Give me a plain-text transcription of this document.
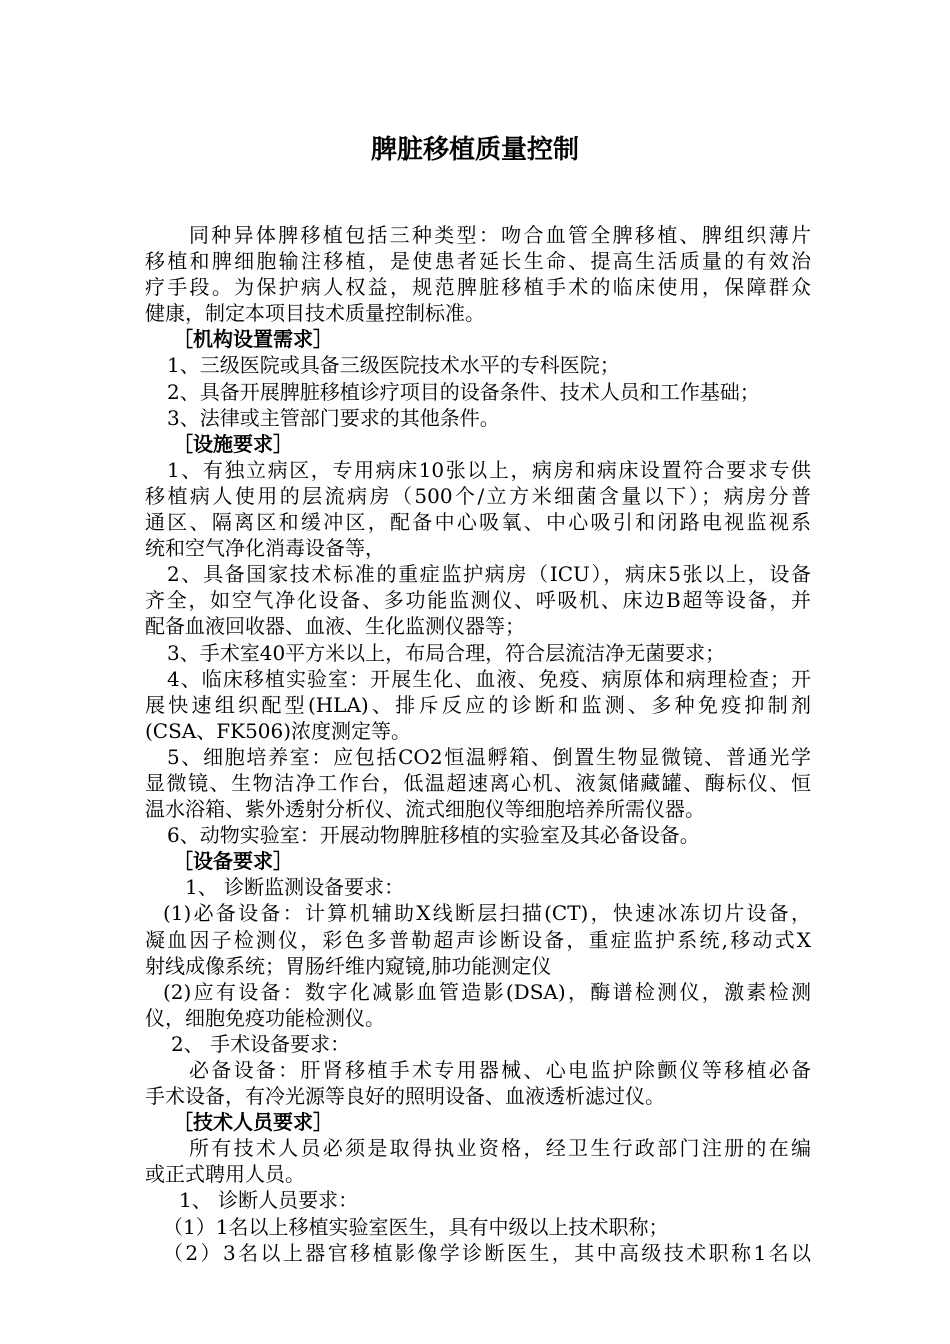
脾脏移植质量控制
同种异体脾移植包括三种类型：吻合血管全脾移植、脾组织薄片
移植和脾细胞输注移植，是使患者延长生命、提高生活质量的有效治
疗手段。为保护病人权益，规范脾脏移植手术的临床使用，保障群众
健康，制定本项目技术质量控制标准。
［机构设置需求］
1、三级医院或具备三级医院技术水平的专科医院；
2、具备开展脾脏移植诊疗项目的设备条件、技术人员和工作基础；
3、法律或主管部门要求的其他条件。
［设施要求］
1、有独立病区，专用病床10张以上，病房和病床设置符合要求专供
移植病人使用的层流病房（500个/立方米细菌含量以下）；病房分普
通区、隔离区和缓冲区，配备中心吸氧、中心吸引和闭路电视监视系
统和空气净化消毒设备等，
2、具备国家技术标准的重症监护病房（ICU），病床5张以上，设备
齐全，如空气净化设备、多功能监测仪、呼吸机、床边B超等设备，并
配备血液回收器、血液、生化监测仪器等；
3、手术室40平方米以上，布局合理，符合层流洁净无菌要求；
4、临床移植实验室：开展生化、血液、免疫、病原体和病理检查；开
展快速组织配型(HLA)、排斥反应的诊断和监测、多种免疫抑制剂
(CSA、FK506)浓度测定等。
5、细胞培养室：应包括CO2恒温孵箱、倒置生物显微镜、普通光学
显微镜、生物洁净工作台，低温超速离心机、液氮储藏罐、酶标仪、恒
温水浴箱、紫外透射分析仪、流式细胞仪等细胞培养所需仪器。
6、动物实验室：开展动物脾脏移植的实验室及其必备设备。
［设备要求］
1、 诊断监测设备要求：
(1)必备设备：计算机辅助X线断层扫描(CT)，快速冰冻切片设备，
凝血因子检测仪，彩色多普勒超声诊断设备，重症监护系统,移动式X
射线成像系统；胃肠纤维内窥镜,肺功能测定仪
(2)应有设备：数字化减影血管造影(DSA)，酶谱检测仪，激素检测
仪，细胞免疫功能检测仪。
2、 手术设备要求：
必备设备：肝肾移植手术专用器械、心电监护除颤仪等移植必备
手术设备，有冷光源等良好的照明设备、血液透析滤过仪。
［技术人员要求］
所有技术人员必须是取得执业资格，经卫生行政部门注册的在编
或正式聘用人员。
1、 诊断人员要求：
（1）1名以上移植实验室医生，具有中级以上技术职称；
（2）3名以上器官移植影像学诊断医生，其中高级技术职称1名以
